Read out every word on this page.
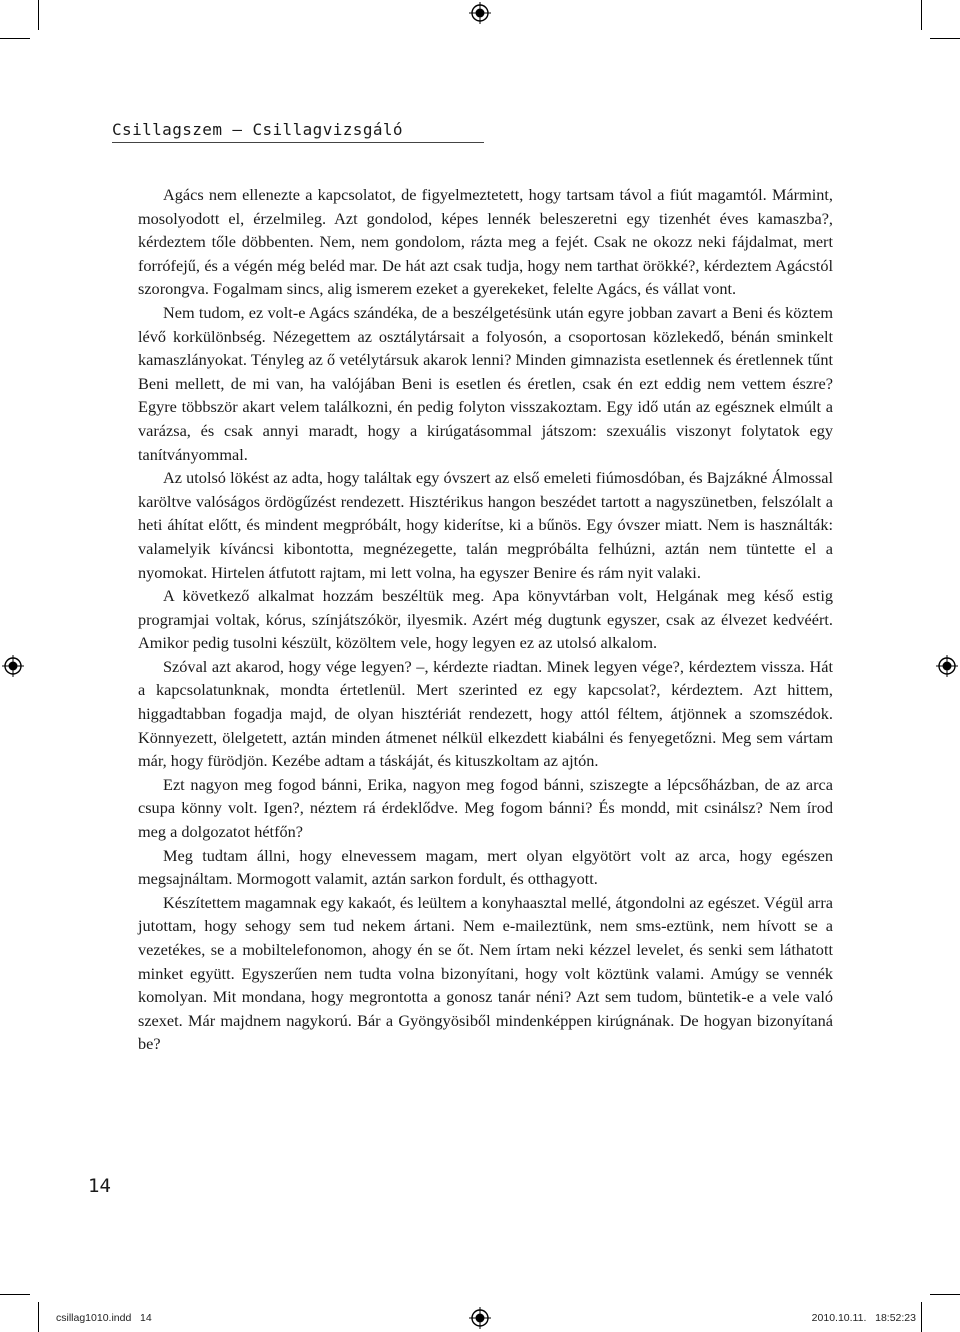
Csillagszem – Csillagvizsgáló

Agács nem ellenezte a kapcsolatot, de figyelmeztetett, hogy tartsam távol a fiút magamtól. Mármint, mosolyodott el, érzelmileg. Azt gondolod, képes lennék beleszeretni egy tizenhét éves kamaszba?, kérdeztem tőle döbbenten. Nem, nem gondolom, rázta meg a fejét. Csak ne okozz neki fájdalmat, mert forrófejű, és a végén még beléd mar. De hát azt csak tudja, hogy nem tarthat örökké?, kérdeztem Agácstól szorongva. Fogalmam sincs, alig ismerem ezeket a gyerekeket, felelte Agács, és vállat vont.

Nem tudom, ez volt-e Agács szándéka, de a beszélgetésünk után egyre jobban zavart a Beni és köztem lévő korkülönbség. Nézegettem az osztálytársait a folyosón, a csoportosan közlekedő, bénán sminkelt kamaszlányokat. Tényleg az ő vetélytársuk akarok lenni? Minden gimnazista esetlennek és éretlennek tűnt Beni mellett, de mi van, ha valójában Beni is esetlen és éretlen, csak én ezt eddig nem vettem észre? Egyre többször akart velem találkozni, én pedig folyton visszakoztam. Egy idő után az egésznek elmúlt a varázsa, és csak annyi maradt, hogy a kirúgatásommal játszom: szexuális viszonyt folytatok egy tanítványommal.

Az utolsó lökést az adta, hogy találtak egy óvszert az első emeleti fiúmosdóban, és Bajzákné Álmossal karöltve valóságos ördögűzést rendezett. Hisztérikus hangon beszédet tartott a nagyszünetben, felszólalt a heti áhítat előtt, és mindent megpróbált, hogy kiderítse, ki a bűnös. Egy óvszer miatt. Nem is használták: valamelyik kíváncsi kibontotta, megnézegette, talán megpróbálta felhúzni, aztán nem tüntette el a nyomokat. Hirtelen átfutott rajtam, mi lett volna, ha egyszer Benire és rám nyit valaki.

A következő alkalmat hozzám beszéltük meg. Apa könyvtárban volt, Helgának meg késő estig programjai voltak, kórus, színjátszókör, ilyesmik. Azért még dugtunk egyszer, csak az élvezet kedvéért. Amikor pedig tusolni készült, közöltem vele, hogy legyen ez az utolsó alkalom.

Szóval azt akarod, hogy vége legyen? –, kérdezte riadtan. Minek legyen vége?, kérdeztem vissza. Hát a kapcsolatunknak, mondta értetlenül. Mert szerinted ez egy kapcsolat?, kérdeztem. Azt hittem, higgadtabban fogadja majd, de olyan hisztériát rendezett, hogy attól féltem, átjönnek a szomszédok. Könnyezett, ölelgetett, aztán minden átmenet nélkül elkezdett kiabálni és fenyegetőzni. Meg sem vártam már, hogy fürödjön. Kezébe adtam a táskáját, és kituszkoltam az ajtón.

Ezt nagyon meg fogod bánni, Erika, nagyon meg fogod bánni, sziszegte a lépcsőházban, de az arca csupa könny volt. Igen?, néztem rá érdeklődve. Meg fogom bánni? És mondd, mit csinálsz? Nem írod meg a dolgozatot hétfőn?

Meg tudtam állni, hogy elnevessem magam, mert olyan elgyötört volt az arca, hogy egészen megsajnáltam. Mormogott valamit, aztán sarkon fordult, és otthagyott.

Készítettem magamnak egy kakaót, és leültem a konyhaasztal mellé, átgondolni az egészet. Végül arra jutottam, hogy sehogy sem tud nekem ártani. Nem e-maileztünk, nem sms-eztünk, nem hívott se a vezetékes, se a mobiltelefonomon, ahogy én se őt. Nem írtam neki kézzel levelet, és senki sem láthatott minket együtt. Egyszerűen nem tudta volna bizonyítani, hogy volt köztünk valami. Amúgy se vennék komolyan. Mit mondana, hogy megrontotta a gonosz tanár néni? Azt sem tudom, büntetik-e a vele való szexet. Már majdnem nagykorú. Bár a Gyöngyösiből mindenképpen kirúgnának. De hogyan bizonyítaná be?

14
csillag1010.indd   14	2010.10.11.   18:52:23
